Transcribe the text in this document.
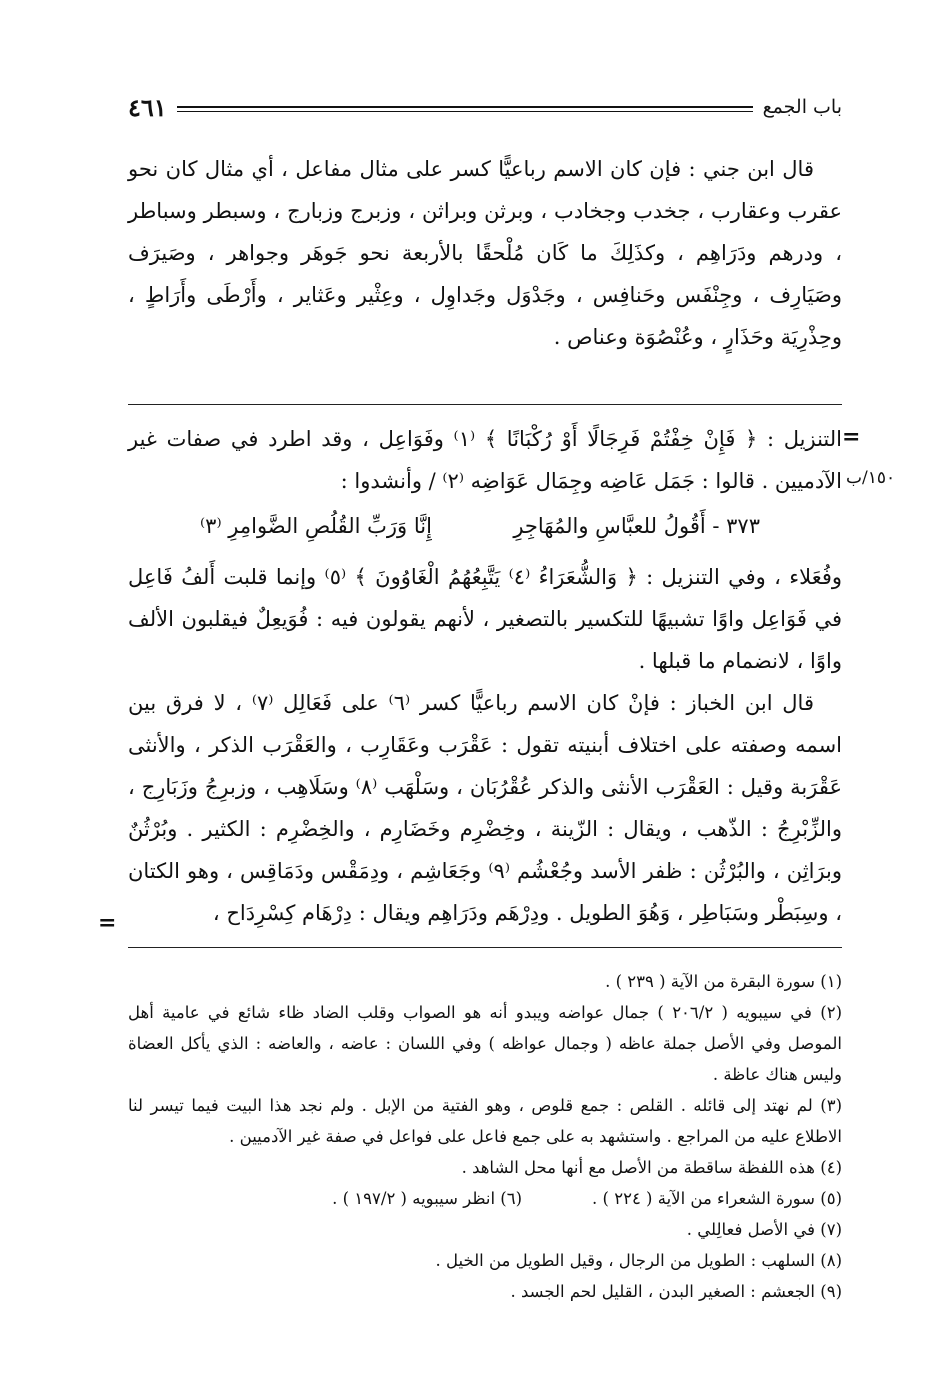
باب الجمع
٤٦١

قال ابن جني : فإن كان الاسم رباعيًّا كسر على مثال مفاعل ، أي مثال كان نحو عقرب وعقارب ، جخدب وجخادب ، وبرثن وبراثن ، وزبرج وزبارج ، وسبطر وسباطر ، ودرهم ودَرَاهِم ، وكذَلِكَ ما كَان مُلْحقًا بالأربعة نحو جَوهَر وجواهر ، وصَيرَف وصَيَارِف ، وجِنْفَس وحَنافِس ، وجَدْوَل وجَداوِل ، وعِثْير وعَثاير ، وأَرْطَى وأَرَاطٍ ، وحِذْرِيَة وحَذَارٍ ، وعُنْصُوَة وعناص .

=
١٥٠/ب

التنزيل : ﴿ فَإِنْ خِفْتُمْ فَرِجَالًا أَوْ رُكْبَانًا ﴾ ⁽١⁾ وفَوَاعِل ، وقد اطرد في صفات غير الآدميين . قالوا : جَمَل عَاضِه وجِمَال عَوَاضِه ⁽٢⁾ / وأنشدوا :

٣٧٣ - أَقُولُ للعبَّاسِ والمُهَاجِرِ
إِنَّا وَرَبِّ القُلُصِ الضَّوامِرِ ⁽٣⁾

وفُعَلاء ، وفي التنزيل : ﴿ وَالشُّعَرَاءُ ⁽٤⁾ يَتَّبِعُهُمُ الْغَاوُونَ ﴾ ⁽٥⁾ وإنما قلبت أَلفُ فَاعِل في فَوَاعِل واوًا تشبيهًا للتكسير بالتصغير ، لأنهم يقولون فيه : فُوَيعِلٌ فيقلبون الألف واوًا ، لانضمام ما قبلها .

قال ابن الخباز : فإنْ كان الاسم رباعيًّا كسر ⁽٦⁾ على فَعَالِل ⁽٧⁾ ، لا فرق بين اسمه وصفته على اختلاف أبنيته تقول : عَقْرَب وعَقَارِب ، والعَقْرَب الذكر ، والأنثى عَقْرَبة وقيل : العَقْرَب الأنثى والذكر عُقْرُبَان ، وسَلْهَب ⁽٨⁾ وسَلَاهِب ، وزبرِجُ وزَبَارِج ، والزِّبْرِجُ : الذّهب ، ويقال : الزّينة ، وخِضْرِم وخَضَارِم ، والخِضْرِم : الكثير . وبُرْثُنٌ وبرَاثِن ، والبُرْثُن : ظفر الأسد وجُعْشُم ⁽٩⁾ وجَعَاشِم ، ودِمَقْس ودَمَاقِس ، وهو الكتان ، وسِبَطْر وسَبَاطِر ، وَهُوَ الطويل . ودِرْهَم ودَرَاهِم ويقال : دِرْهَام كِسْرِدَاح ،

=

(١) سورة البقرة من الآية ( ٢٣٩ ) .

(٢) في سيبويه ( ٢٠٦/٢ ) جمال عواضه ويبدو أنه هو الصواب وقلب الضاد ظاء شائع في عامية أهل الموصل وفي الأصل جملة عاظه ( وجمال عواظه ) وفي اللسان : عاضه ، والعاضه : الذي يأكل العضاة وليس هناك عاظة .

(٣) لم نهتد إلى قائله . القلص : جمع قلوص ، وهو الفتية من الإبل . ولم نجد هذا البيت فيما تيسر لنا الاطلاع عليه من المراجع . واستشهد به على جمع فاعل على فواعل في صفة غير الآدميين .

(٤) هذه اللفظة ساقطة من الأصل مع أنها محل الشاهد .

(٥) سورة الشعراء من الآية ( ٢٢٤ ) .
(٦) انظر سيبويه ( ١٩٧/٢ ) .

(٧) في الأصل فعالِلي .

(٨) السلهب : الطويل من الرجال ، وقيل الطويل من الخيل .

(٩) الجعشم : الصغير البدن ، القليل لحم الجسد .
